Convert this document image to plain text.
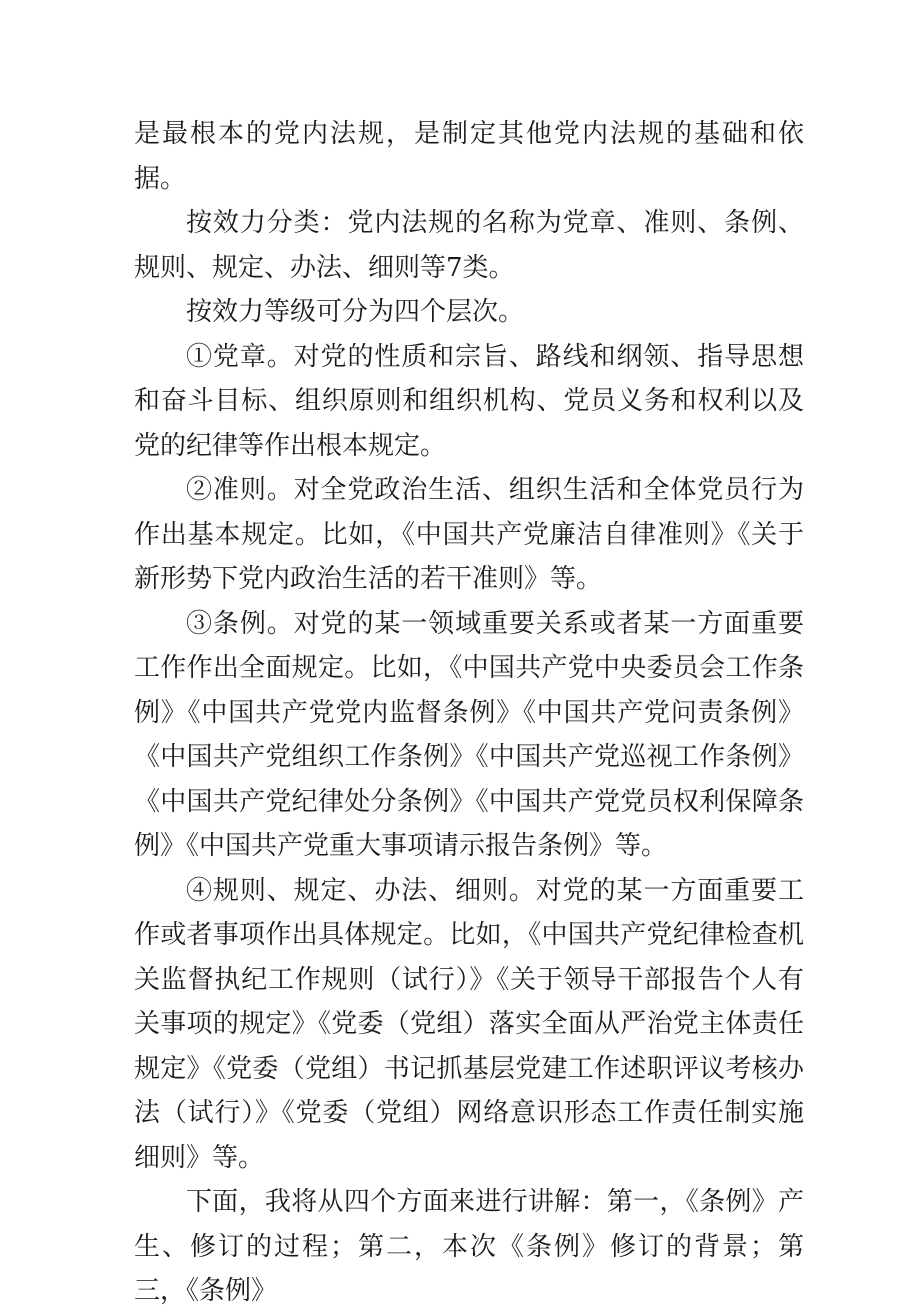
是最根本的党内法规，是制定其他党内法规的基础和依据。

按效力分类：党内法规的名称为党章、准则、条例、规则、规定、办法、细则等7类。

按效力等级可分为四个层次。

①党章。对党的性质和宗旨、路线和纲领、指导思想和奋斗目标、组织原则和组织机构、党员义务和权利以及党的纪律等作出根本规定。

②准则。对全党政治生活、组织生活和全体党员行为作出基本规定。比如，《中国共产党廉洁自律准则》《关于新形势下党内政治生活的若干准则》等。

③条例。对党的某一领域重要关系或者某一方面重要工作作出全面规定。比如，《中国共产党中央委员会工作条例》《中国共产党党内监督条例》《中国共产党问责条例》《中国共产党组织工作条例》《中国共产党巡视工作条例》《中国共产党纪律处分条例》《中国共产党党员权利保障条例》《中国共产党重大事项请示报告条例》等。

④规则、规定、办法、细则。对党的某一方面重要工作或者事项作出具体规定。比如，《中国共产党纪律检查机关监督执纪工作规则（试行）》《关于领导干部报告个人有关事项的规定》《党委（党组）落实全面从严治党主体责任规定》《党委（党组）书记抓基层党建工作述职评议考核办法（试行）》《党委（党组）网络意识形态工作责任制实施细则》等。

下面，我将从四个方面来进行讲解：第一，《条例》产生、修订的过程；第二，本次《条例》修订的背景；第三，《条例》
